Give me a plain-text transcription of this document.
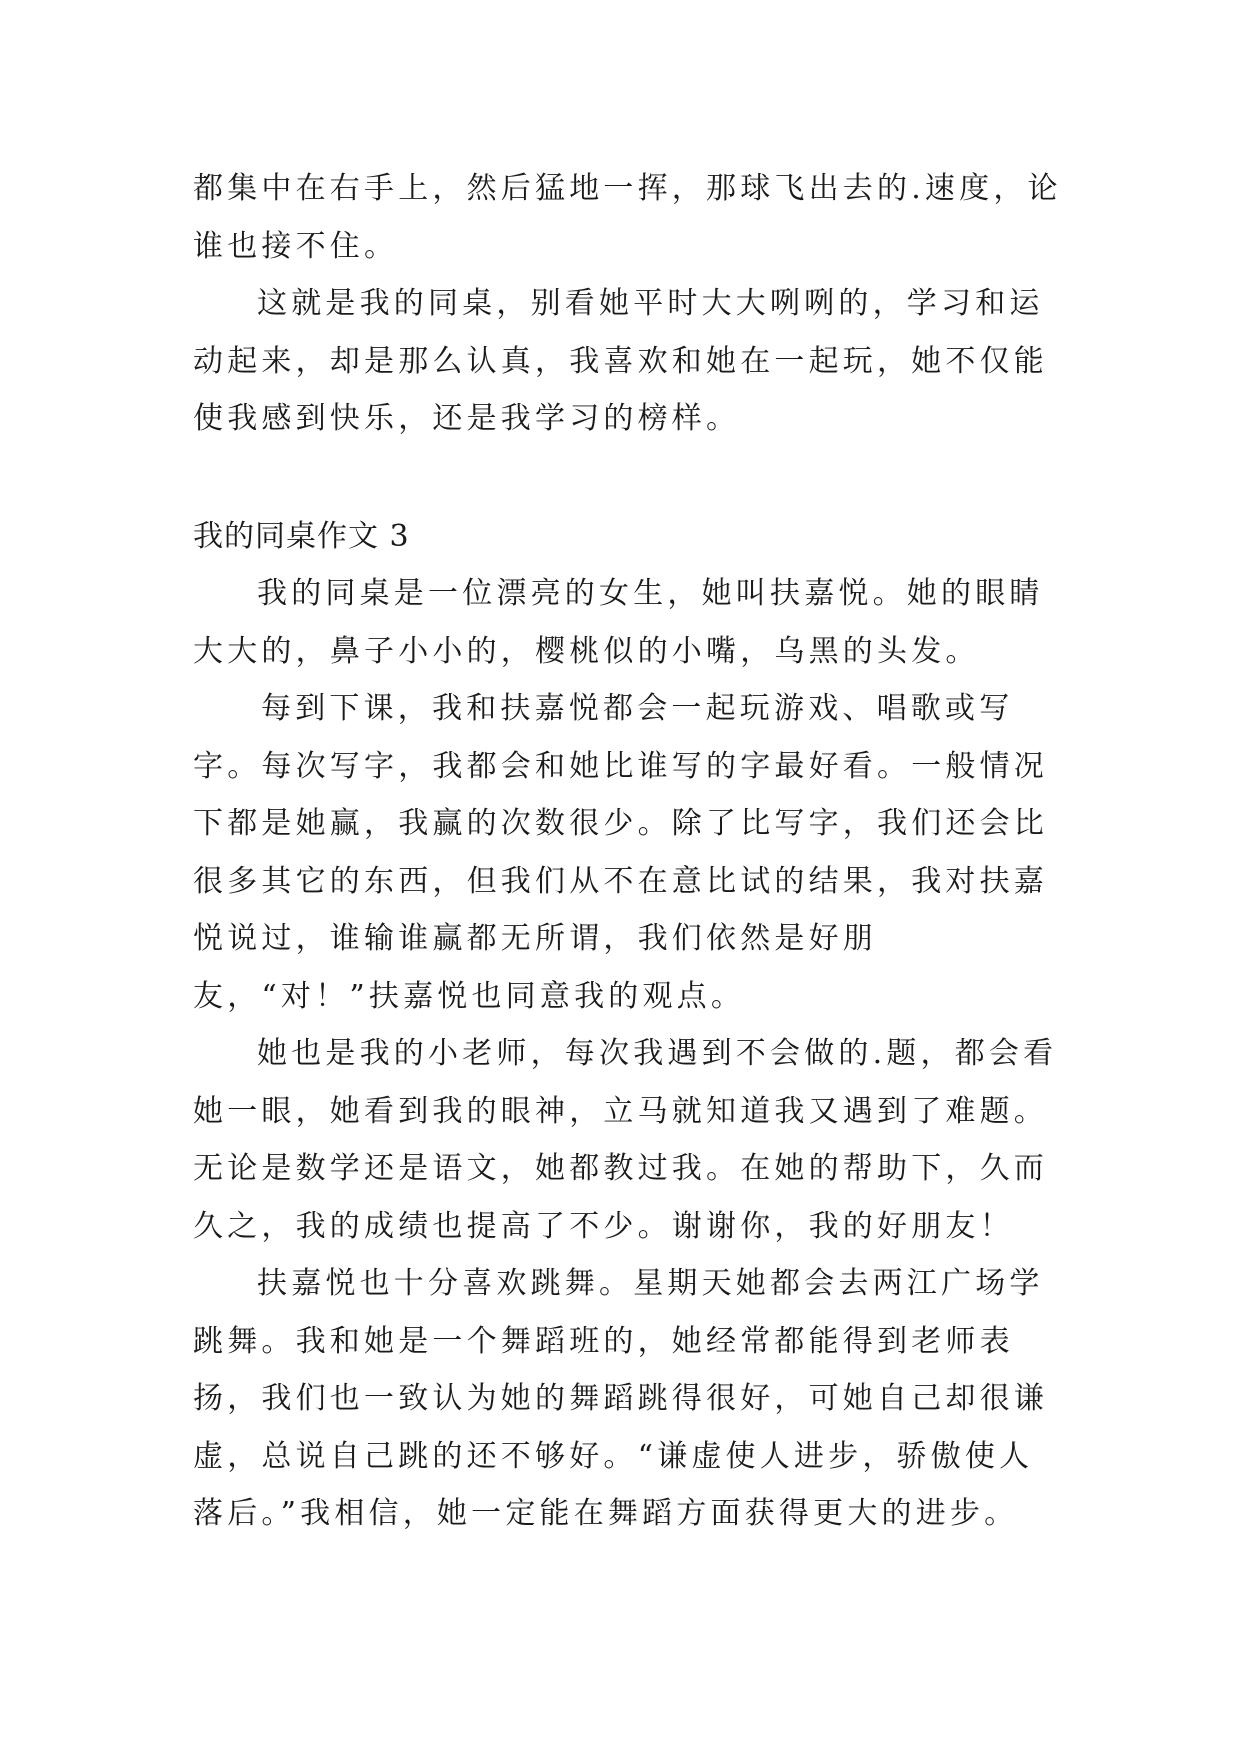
都集中在右手上，然后猛地一挥，那球飞出去的.速度，论谁也接不住。

这就是我的同桌，别看她平时大大咧咧的，学习和运动起来，却是那么认真，我喜欢和她在一起玩，她不仅能使我感到快乐，还是我学习的榜样。

我的同桌作文 3

我的同桌是一位漂亮的女生，她叫扶嘉悦。她的眼睛大大的，鼻子小小的，樱桃似的小嘴，乌黑的头发。

每到下课，我和扶嘉悦都会一起玩游戏、唱歌或写字。每次写字，我都会和她比谁写的字最好看。一般情况下都是她赢，我赢的次数很少。除了比写字，我们还会比很多其它的东西，但我们从不在意比试的结果，我对扶嘉悦说过，谁输谁赢都无所谓，我们依然是好朋友，“对！”扶嘉悦也同意我的观点。

她也是我的小老师，每次我遇到不会做的.题，都会看她一眼，她看到我的眼神，立马就知道我又遇到了难题。无论是数学还是语文，她都教过我。在她的帮助下，久而久之，我的成绩也提高了不少。谢谢你，我的好朋友！

扶嘉悦也十分喜欢跳舞。星期天她都会去两江广场学跳舞。我和她是一个舞蹈班的，她经常都能得到老师表扬，我们也一致认为她的舞蹈跳得很好，可她自己却很谦虚，总说自己跳的还不够好。“谦虚使人进步，骄傲使人落后。”我相信，她一定能在舞蹈方面获得更大的进步。
